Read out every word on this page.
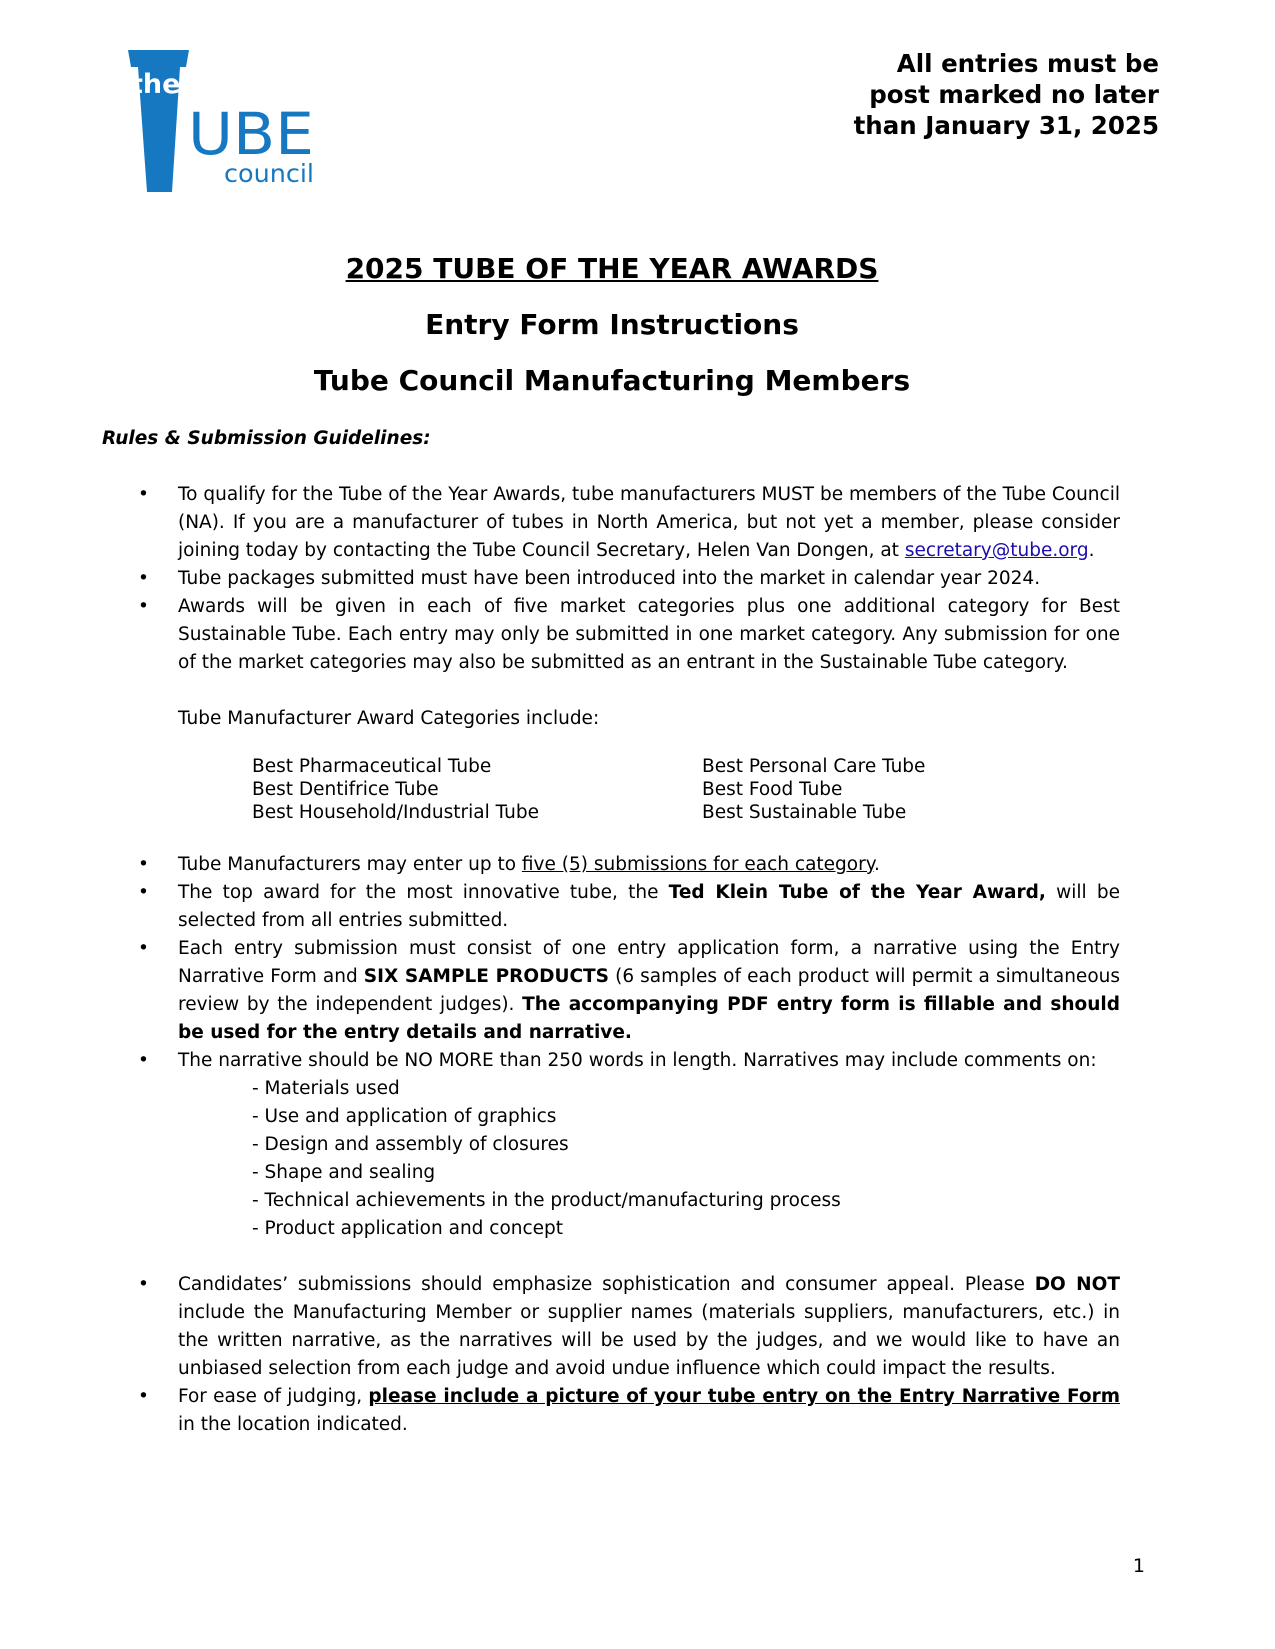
the
UBE
council
All entries must be
post marked no later
than January 31, 2025
2025 TUBE OF THE YEAR AWARDS
Entry Form Instructions
Tube Council Manufacturing Members
Rules & Submission Guidelines:
• To qualify for the Tube of the Year Awards, tube manufacturers MUST be members of the Tube Council (NA). If you are a manufacturer of tubes in North America, but not yet a member, please consider joining today by contacting the Tube Council Secretary, Helen Van Dongen, at secretary@tube.org.
• Tube packages submitted must have been introduced into the market in calendar year 2024.
• Awards will be given in each of five market categories plus one additional category for Best Sustainable Tube. Each entry may only be submitted in one market category. Any submission for one of the market categories may also be submitted as an entrant in the Sustainable Tube category.
Tube Manufacturer Award Categories include:
Best Pharmaceutical Tube	Best Personal Care Tube
Best Dentifrice Tube	Best Food Tube
Best Household/Industrial Tube	Best Sustainable Tube
• Tube Manufacturers may enter up to five (5) submissions for each category.
• The top award for the most innovative tube, the Ted Klein Tube of the Year Award, will be selected from all entries submitted.
• Each entry submission must consist of one entry application form, a narrative using the Entry Narrative Form and SIX SAMPLE PRODUCTS (6 samples of each product will permit a simultaneous review by the independent judges). The accompanying PDF entry form is fillable and should be used for the entry details and narrative.
• The narrative should be NO MORE than 250 words in length. Narratives may include comments on:
- Materials used
- Use and application of graphics
- Design and assembly of closures
- Shape and sealing
- Technical achievements in the product/manufacturing process
- Product application and concept
• Candidates’ submissions should emphasize sophistication and consumer appeal. Please DO NOT include the Manufacturing Member or supplier names (materials suppliers, manufacturers, etc.) in the written narrative, as the narratives will be used by the judges, and we would like to have an unbiased selection from each judge and avoid undue influence which could impact the results.
• For ease of judging, please include a picture of your tube entry on the Entry Narrative Form in the location indicated.
1
